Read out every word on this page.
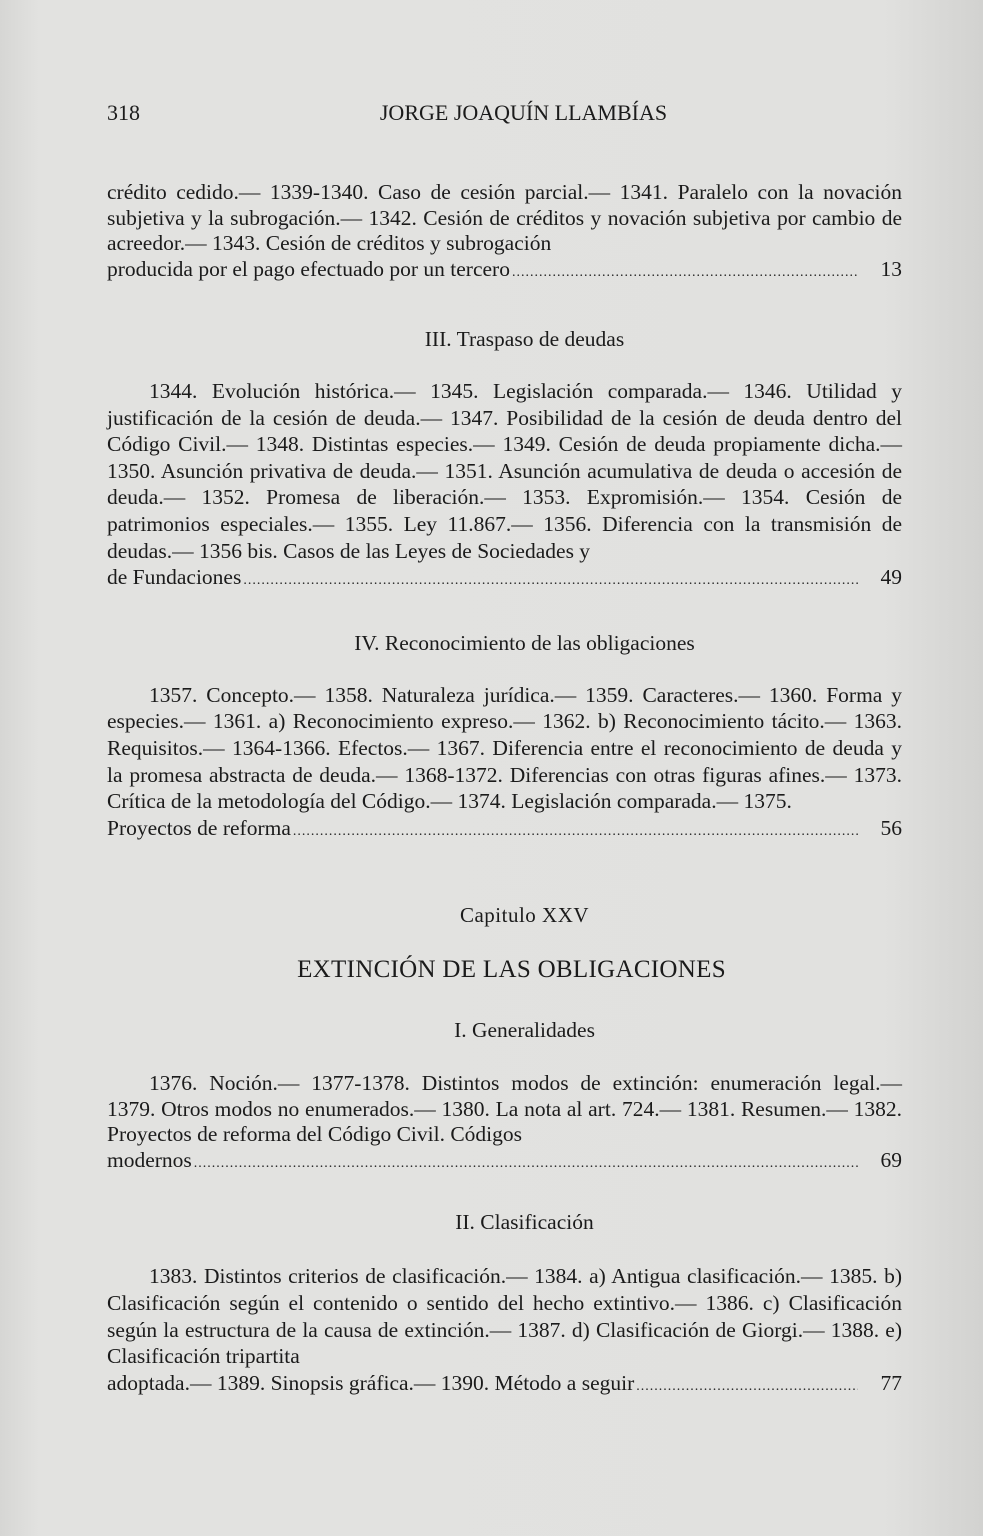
318	JORGE JOAQUÍN LLAMBÍAS
crédito cedido.— 1339-1340. Caso de cesión parcial.— 1341. Paralelo con la novación subjetiva y la subrogación.— 1342. Cesión de créditos y novación subjetiva por cambio de acreedor.— 1343. Cesión de créditos y subrogación
producida por el pago efectuado por un tercero .....	13
III. Traspaso de deudas
1344. Evolución histórica.— 1345. Legislación comparada.— 1346. Utilidad y justificación de la cesión de deuda.— 1347. Posibilidad de la cesión de deuda dentro del Código Civil.— 1348. Distintas especies.— 1349. Cesión de deuda propiamente dicha.— 1350. Asunción privativa de deuda.— 1351. Asunción acumulativa de deuda o accesión de deuda.— 1352. Promesa de liberación.— 1353. Expromisión.— 1354. Cesión de patrimonios especiales.— 1355. Ley 11.867.— 1356. Diferencia con la transmisión de deudas.— 1356 bis. Casos de las Leyes de Sociedades y
de Fundaciones .....	49
IV. Reconocimiento de las obligaciones
1357. Concepto.— 1358. Naturaleza jurídica.— 1359. Caracteres.— 1360. Forma y especies.— 1361. a) Reconocimiento expreso.— 1362. b) Reconocimiento tácito.— 1363. Requisitos.— 1364-1366. Efectos.— 1367. Diferencia entre el reconocimiento de deuda y la promesa abstracta de deuda.— 1368-1372. Diferencias con otras figuras afines.— 1373. Crítica de la metodología del Código.— 1374. Legislación comparada.— 1375.
Proyectos de reforma .....	56
Capitulo XXV
EXTINCIÓN DE LAS OBLIGACIONES
I. Generalidades
1376. Noción.— 1377-1378. Distintos modos de extinción: enumeración legal.— 1379. Otros modos no enumerados.— 1380. La nota al art. 724.— 1381. Resumen.— 1382. Proyectos de reforma del Código Civil. Códigos
modernos .....	69
II. Clasificación
1383. Distintos criterios de clasificación.— 1384. a) Antigua clasificación.— 1385. b) Clasificación según el contenido o sentido del hecho extintivo.— 1386. c) Clasificación según la estructura de la causa de extinción.— 1387. d) Clasificación de Giorgi.— 1388. e) Clasificación tripartita
adoptada.— 1389. Sinopsis gráfica.— 1390. Método a seguir .....	77
